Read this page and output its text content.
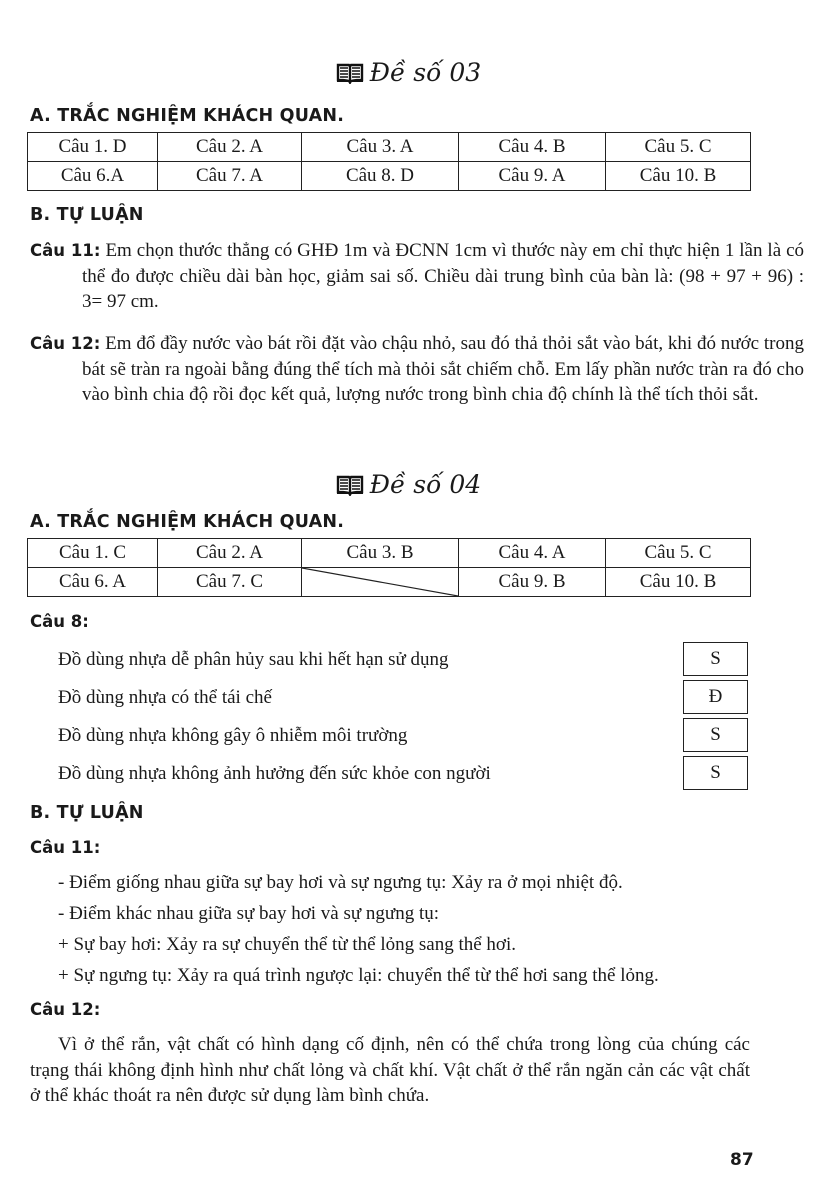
Đề số 03
A. TRẮC NGHIỆM KHÁCH QUAN.
Câu 1. D	Câu 2. A	Câu 3. A	Câu 4. B	Câu 5. C
Câu 6.A	Câu 7. A	Câu 8. D	Câu 9. A	Câu 10. B
B. TỰ LUẬN
Câu 11: Em chọn thước thẳng có GHĐ 1m và ĐCNN 1cm vì thước này em chỉ thực hiện 1 lần là có thể đo được chiều dài bàn học, giảm sai số. Chiều dài trung bình của bàn là: (98 + 97 + 96) : 3= 97 cm.
Câu 12: Em đổ đầy nước vào bát rồi đặt vào chậu nhỏ, sau đó thả thỏi sắt vào bát, khi đó nước trong bát sẽ tràn ra ngoài bằng đúng thể tích mà thỏi sắt chiếm chỗ. Em lấy phần nước tràn ra đó cho vào bình chia độ rồi đọc kết quả, lượng nước trong bình chia độ chính là thể tích thỏi sắt.
Đề số 04
A. TRẮC NGHIỆM KHÁCH QUAN.
Câu 1. C	Câu 2. A	Câu 3. B	Câu 4. A	Câu 5. C
Câu 6. A	Câu 7. C		Câu 9. B	Câu 10. B
Câu 8:
Đồ dùng nhựa dễ phân hủy sau khi hết hạn sử dụng	S
Đồ dùng nhựa có thể tái chế	Đ
Đồ dùng nhựa không gây ô nhiễm môi trường	S
Đồ dùng nhựa không ảnh hưởng đến sức khỏe con người	S
B. TỰ LUẬN
Câu 11:
- Điểm giống nhau giữa sự bay hơi và sự ngưng tụ: Xảy ra ở mọi nhiệt độ.
- Điểm khác nhau giữa sự bay hơi và sự ngưng tụ:
+ Sự bay hơi: Xảy ra sự chuyển thể từ thể lỏng sang thể hơi.
+ Sự ngưng tụ: Xảy ra quá trình ngược lại: chuyển thể từ thể hơi sang thể lỏng.
Câu 12:
Vì ở thể rắn, vật chất có hình dạng cố định, nên có thể chứa trong lòng của chúng các trạng thái không định hình như chất lỏng và chất khí. Vật chất ở thể rắn ngăn cản các vật chất ở thể khác thoát ra nên được sử dụng làm bình chứa.
87
